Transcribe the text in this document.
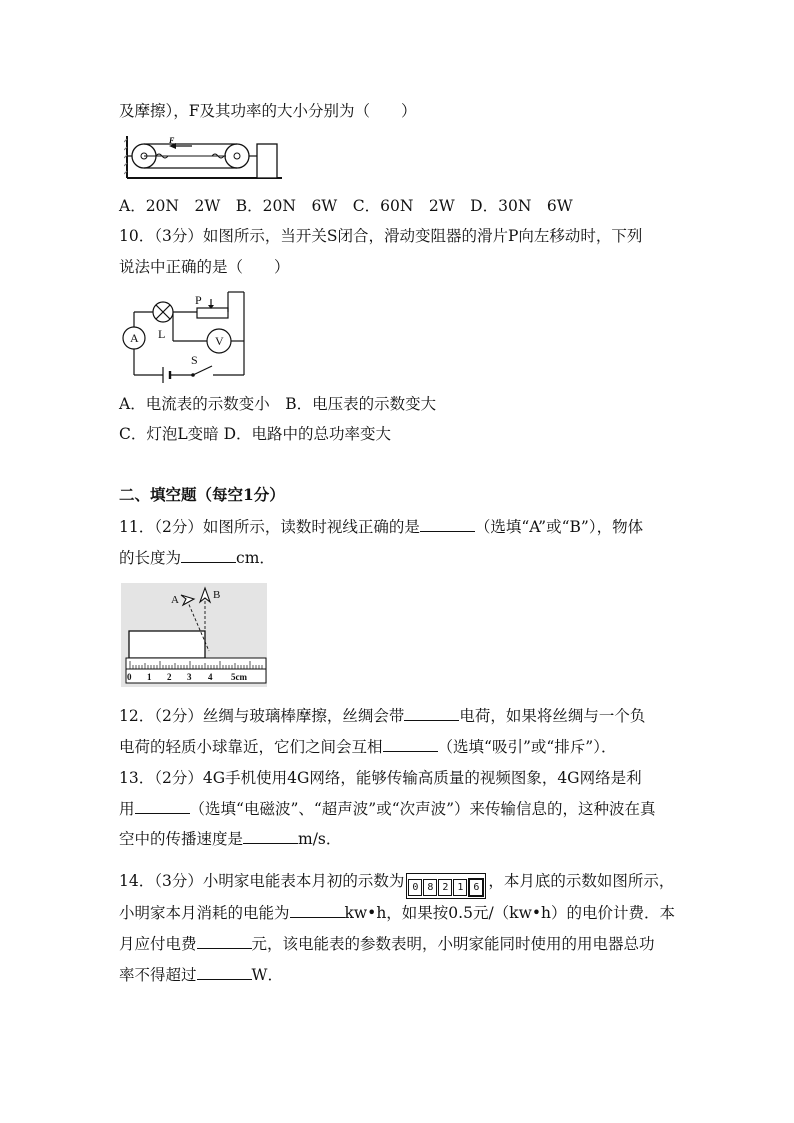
及摩擦），F及其功率的大小分别为（　　）
F
A．20N　2W　B．20N　6W　C．60N　2W　D．30N　6W
10．（3分）如图所示，当开关S闭合，滑动变阻器的滑片P向左移动时，下列
说法中正确的是（　　）
A	V
P
L
S
A．电流表的示数变小　B．电压表的示数变大
C．灯泡L变暗 D．电路中的总功率变大
二、填空题（每空1分）
11．（2分）如图所示，读数时视线正确的是	（选填“A”或“B”），物体
的长度为	cm．
0 1 2 3 4 5cm
A	B
12．（2分）丝绸与玻璃棒摩擦，丝绸会带	电荷，如果将丝绸与一个负
电荷的轻质小球靠近，它们之间会互相	（选填“吸引”或“排斥”）．
13．（2分）4G手机使用4G网络，能够传输高质量的视频图象，4G网络是利
用	（选填“电磁波”、“超声波”或“次声波”）来传输信息的，这种波在真
空中的传播速度是	m/s．
14．（3分）小明家电能表本月初的示数为 0 8 2 1 6 ，本月底的示数如图所示，
小明家本月消耗的电能为	kw•h，如果按0.5元/（kw•h）的电价计费．本
月应付电费	元，该电能表的参数表明，小明家能同时使用的用电器总功
率不得超过	W．
